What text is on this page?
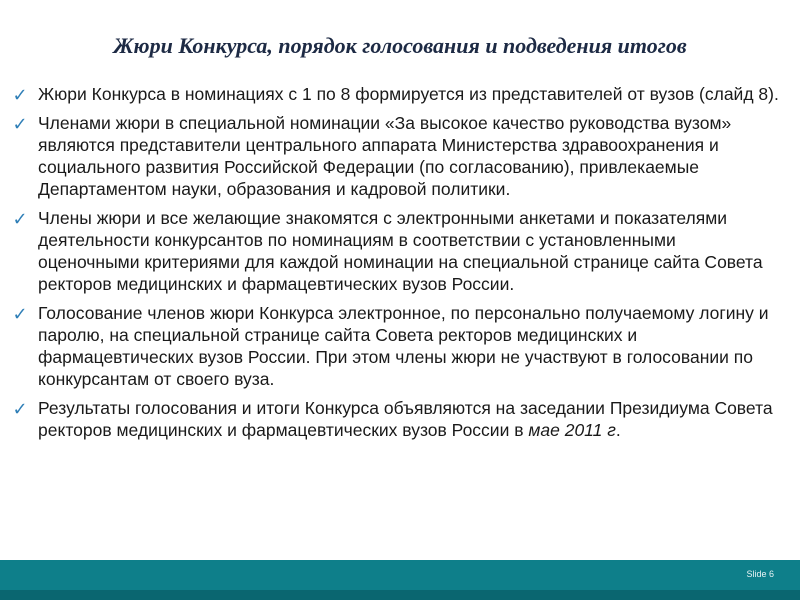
Жюри Конкурса, порядок голосования и подведения итогов
✓ Жюри Конкурса в номинациях с 1 по 8 формируется из представителей от вузов (слайд 8).
✓ Членами жюри в специальной номинации «За высокое качество руководства вузом» являются представители центрального аппарата Министерства здравоохранения и социального развития Российской Федерации (по согласованию), привлекаемые Департаментом науки, образования и кадровой политики.
✓ Члены жюри и все желающие знакомятся с электронными анкетами и показателями деятельности конкурсантов по номинациям в соответствии с установленными оценочными критериями для каждой номинации на специальной странице сайта Совета ректоров медицинских и фармацевтических вузов России.
✓ Голосование членов жюри Конкурса электронное, по персонально получаемому логину и паролю, на специальной странице сайта Совета ректоров медицинских и фармацевтических вузов России. При этом члены жюри не участвуют в голосовании по конкурсантам от своего вуза.
✓ Результаты голосования и итоги Конкурса объявляются на заседании Президиума Совета ректоров медицинских и фармацевтических вузов России в мае 2011 г.
Slide 6
